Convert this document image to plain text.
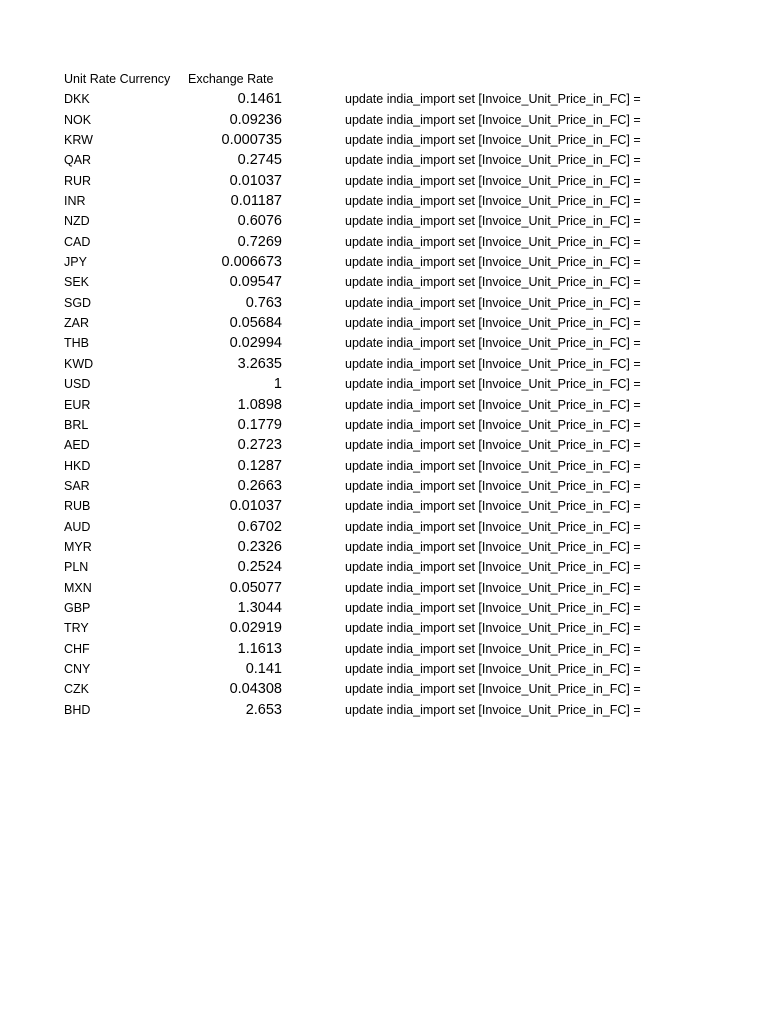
Unit Rate Currency Exchange Rate
DKK	0.1461	update india_import set [Invoice_Unit_Price_in_FC] =
NOK	0.09236	update india_import set [Invoice_Unit_Price_in_FC] =
KRW	0.000735	update india_import set [Invoice_Unit_Price_in_FC] =
QAR	0.2745	update india_import set [Invoice_Unit_Price_in_FC] =
RUR	0.01037	update india_import set [Invoice_Unit_Price_in_FC] =
INR	0.01187	update india_import set [Invoice_Unit_Price_in_FC] =
NZD	0.6076	update india_import set [Invoice_Unit_Price_in_FC] =
CAD	0.7269	update india_import set [Invoice_Unit_Price_in_FC] =
JPY	0.006673	update india_import set [Invoice_Unit_Price_in_FC] =
SEK	0.09547	update india_import set [Invoice_Unit_Price_in_FC] =
SGD	0.763	update india_import set [Invoice_Unit_Price_in_FC] =
ZAR	0.05684	update india_import set [Invoice_Unit_Price_in_FC] =
THB	0.02994	update india_import set [Invoice_Unit_Price_in_FC] =
KWD	3.2635	update india_import set [Invoice_Unit_Price_in_FC] =
USD	1	update india_import set [Invoice_Unit_Price_in_FC] =
EUR	1.0898	update india_import set [Invoice_Unit_Price_in_FC] =
BRL	0.1779	update india_import set [Invoice_Unit_Price_in_FC] =
AED	0.2723	update india_import set [Invoice_Unit_Price_in_FC] =
HKD	0.1287	update india_import set [Invoice_Unit_Price_in_FC] =
SAR	0.2663	update india_import set [Invoice_Unit_Price_in_FC] =
RUB	0.01037	update india_import set [Invoice_Unit_Price_in_FC] =
AUD	0.6702	update india_import set [Invoice_Unit_Price_in_FC] =
MYR	0.2326	update india_import set [Invoice_Unit_Price_in_FC] =
PLN	0.2524	update india_import set [Invoice_Unit_Price_in_FC] =
MXN	0.05077	update india_import set [Invoice_Unit_Price_in_FC] =
GBP	1.3044	update india_import set [Invoice_Unit_Price_in_FC] =
TRY	0.02919	update india_import set [Invoice_Unit_Price_in_FC] =
CHF	1.1613	update india_import set [Invoice_Unit_Price_in_FC] =
CNY	0.141	update india_import set [Invoice_Unit_Price_in_FC] =
CZK	0.04308	update india_import set [Invoice_Unit_Price_in_FC] =
BHD	2.653	update india_import set [Invoice_Unit_Price_in_FC] =
